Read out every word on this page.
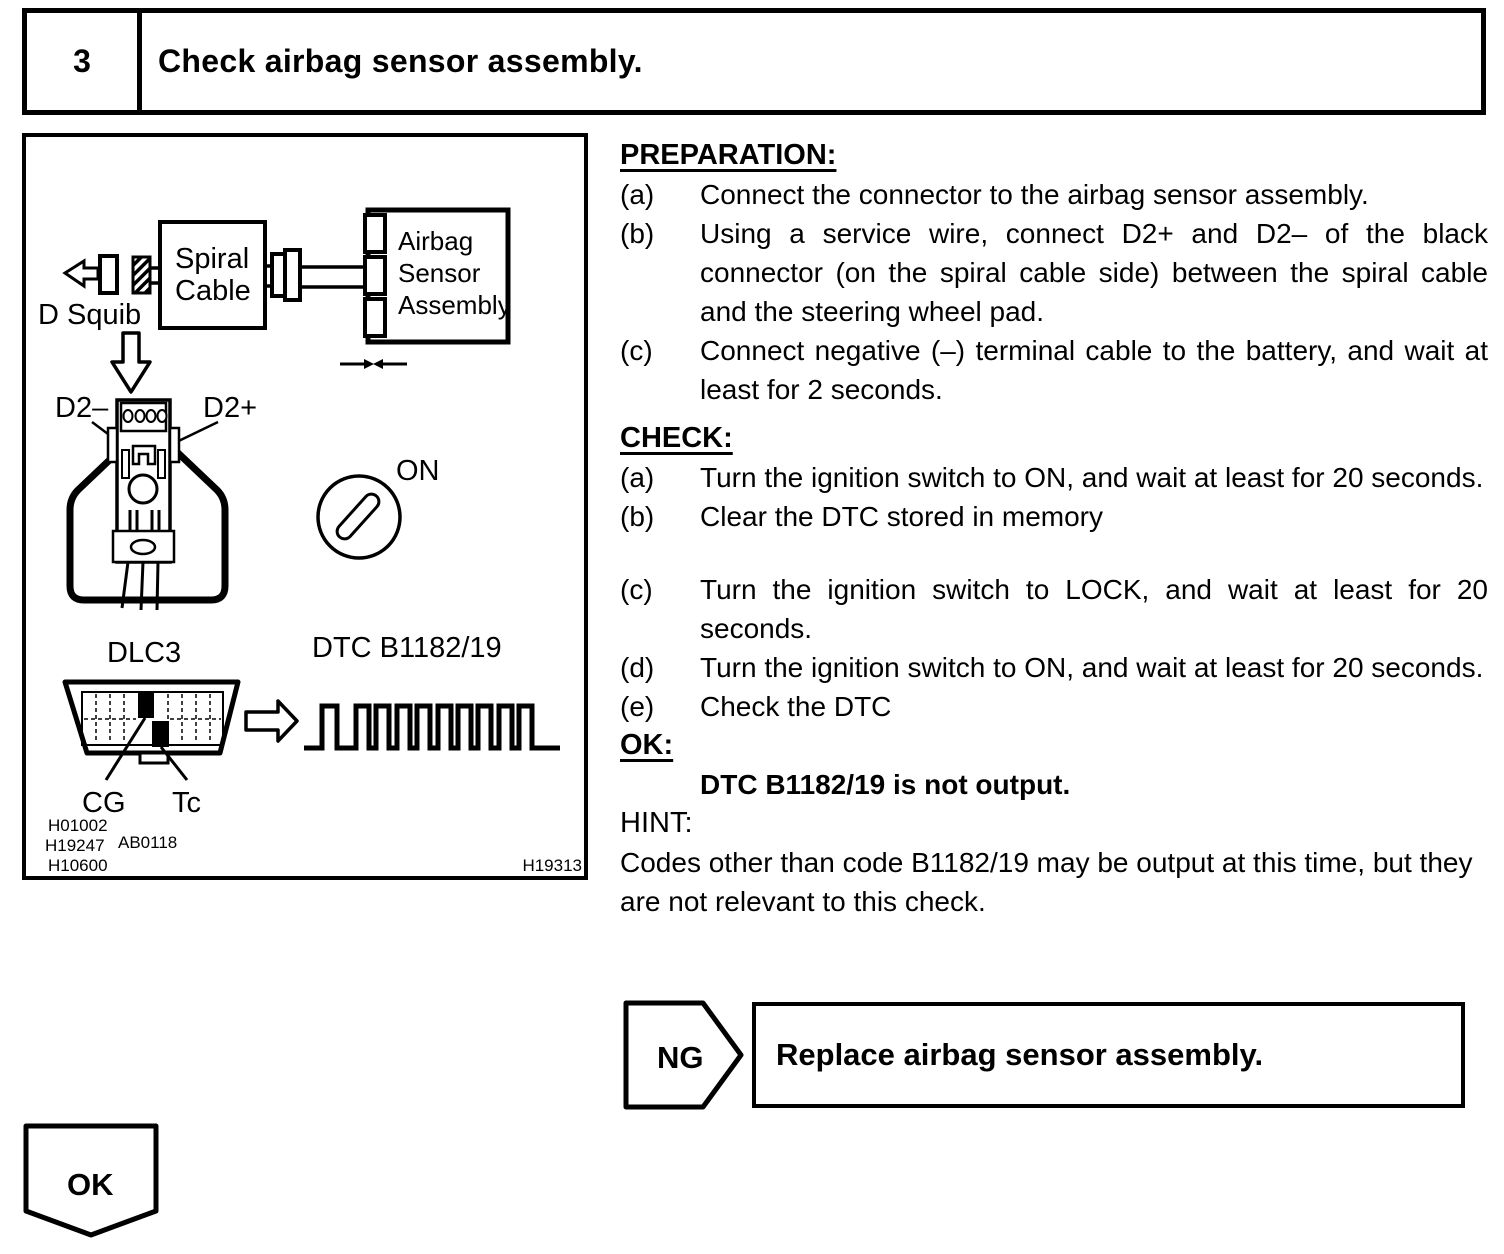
3	Check airbag sensor assembly.
Spiral
Cable
Airbag
Sensor
Assembly
D Squib
D2–	D2+
ON
DLC3	DTC B1182/19
CG Tc
H01002
H19247 AB0118
H10600	H19313
PREPARATION:
(a)	Connect the connector to the airbag sensor assembly.
(b)	Using a service wire, connect D2+ and D2– of the black connector (on the spiral cable side) between the spiral cable and the steering wheel pad.
(c)	Connect negative (–) terminal cable to the battery, and wait at least for 2 seconds.
CHECK:
(a)	Turn the ignition switch to ON, and wait at least for 20 seconds.
(b)	Clear the DTC stored in memory
(c)	Turn the ignition switch to LOCK, and wait at least for 20 seconds.
(d)	Turn the ignition switch to ON, and wait at least for 20 seconds.
(e)	Check the DTC
OK:
DTC B1182/19 is not output.
HINT:
Codes other than code B1182/19 may be output at this time, but they are not relevant to this check.
NG	Replace airbag sensor assembly.
OK
